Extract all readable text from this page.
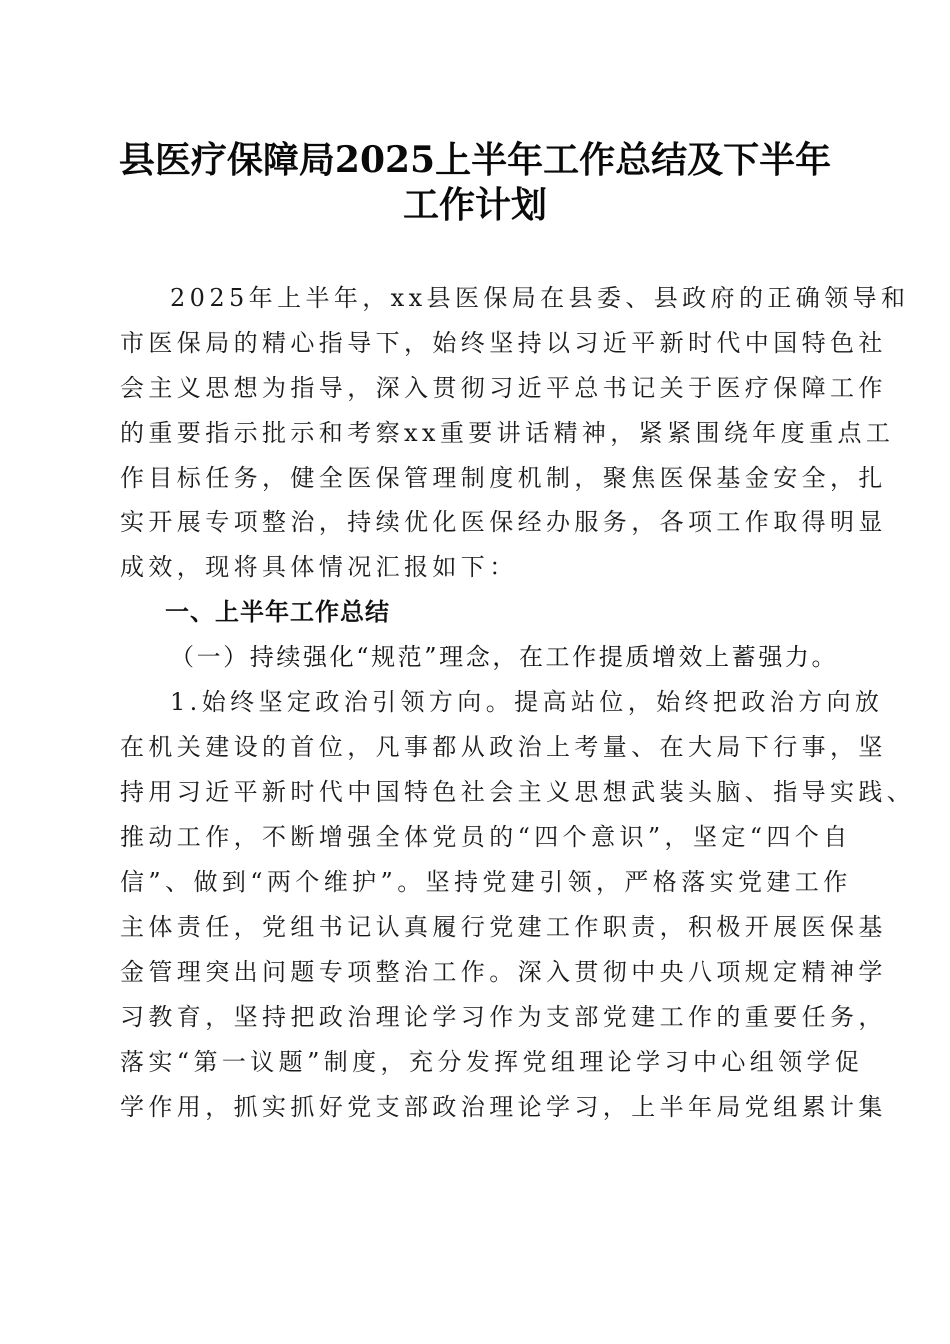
县医疗保障局2025上半年工作总结及下半年
工作计划
2025年上半年，xx县医保局在县委、县政府的正确领导和
市医保局的精心指导下，始终坚持以习近平新时代中国特色社
会主义思想为指导，深入贯彻习近平总书记关于医疗保障工作
的重要指示批示和考察xx重要讲话精神，紧紧围绕年度重点工
作目标任务，健全医保管理制度机制，聚焦医保基金安全，扎
实开展专项整治，持续优化医保经办服务，各项工作取得明显
成效，现将具体情况汇报如下：
一、上半年工作总结
（一）持续强化“规范”理念，在工作提质增效上蓄强力。
1.始终坚定政治引领方向。提高站位，始终把政治方向放
在机关建设的首位，凡事都从政治上考量、在大局下行事，坚
持用习近平新时代中国特色社会主义思想武装头脑、指导实践、
推动工作，不断增强全体党员的“四个意识”，坚定“四个自
信”、做到“两个维护”。坚持党建引领，严格落实党建工作
主体责任，党组书记认真履行党建工作职责，积极开展医保基
金管理突出问题专项整治工作。深入贯彻中央八项规定精神学
习教育，坚持把政治理论学习作为支部党建工作的重要任务，
落实“第一议题”制度，充分发挥党组理论学习中心组领学促
学作用，抓实抓好党支部政治理论学习，上半年局党组累计集
